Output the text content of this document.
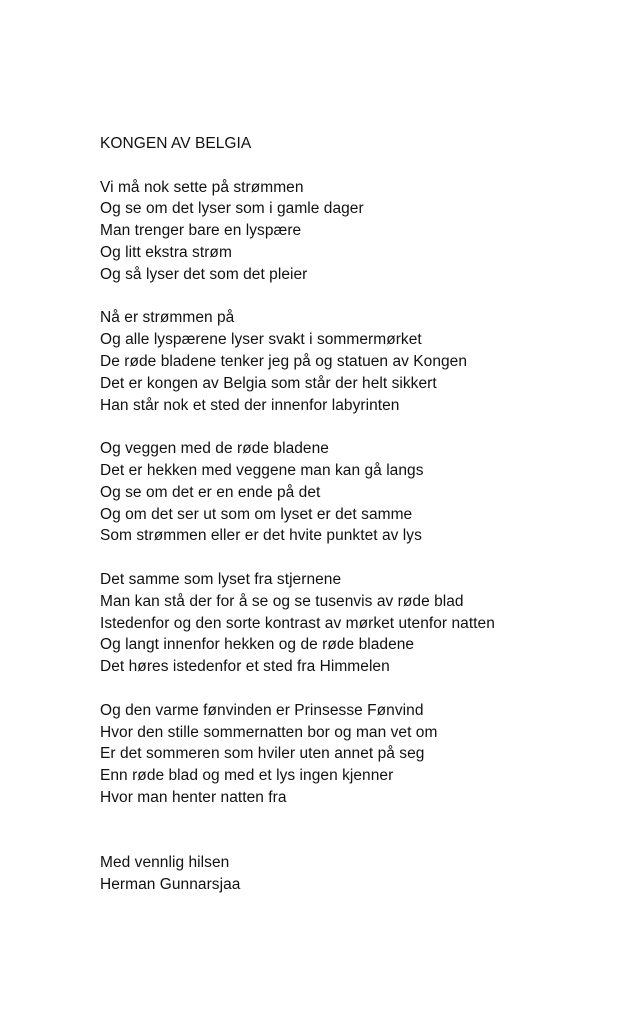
KONGEN AV BELGIA
Vi må nok sette på strømmen
Og se om det lyser som i gamle dager
Man trenger bare en lyspære
Og litt ekstra strøm
Og så lyser det som det pleier
Nå er strømmen på
Og alle lyspærene lyser svakt i sommermørket
De røde bladene tenker jeg på og statuen av Kongen
Det er kongen av Belgia som står der helt sikkert
Han står nok et sted der innenfor labyrinten
Og veggen med de røde bladene
Det er hekken med veggene man kan gå langs
Og se om det er en ende på det
Og om det ser ut som om lyset er det samme
Som strømmen eller er det hvite punktet av lys
Det samme som lyset fra stjernene
Man kan stå der for å se og se tusenvis av røde blad
Istedenfor og den sorte kontrast av mørket utenfor natten
Og langt innenfor hekken og de røde bladene
Det høres istedenfor et sted fra Himmelen
Og den varme fønvinden er Prinsesse Fønvind
Hvor den stille sommernatten bor og man vet om
Er det sommeren som hviler uten annet på seg
Enn røde blad og med et lys ingen kjenner
Hvor man henter natten fra
Med vennlig hilsen
Herman Gunnarsjaa
